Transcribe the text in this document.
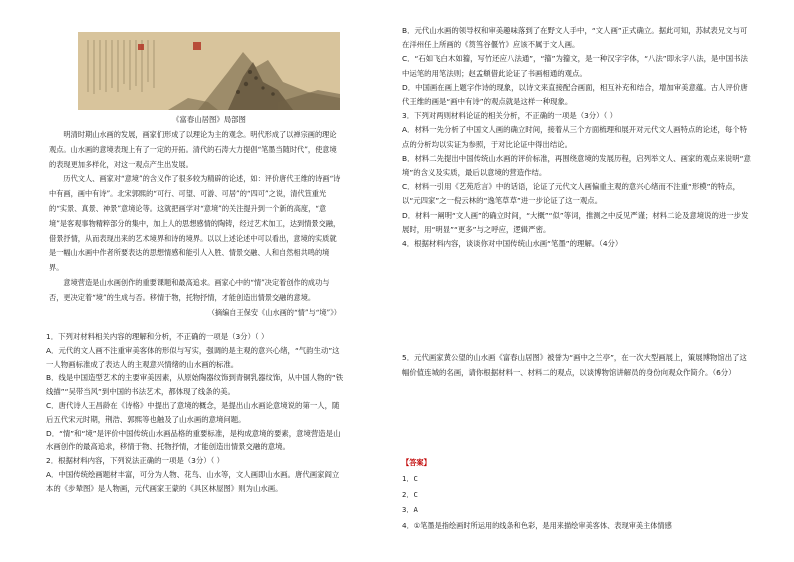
《富春山居图》局部图

明清时期山水画的发展，画家们形成了以理论为主的观念。明代形成了以禅宗画的理论观点。山水画的意境表现上有了一定的开拓。清代的石涛大力提倡“笔墨当随时代”，使意境的表现更加多样化，对这一观点产生出发展。

历代文人、画家对“意境”的含义作了很多较为精辟的论述，如：评价唐代王维的诗画“诗中有画，画中有诗”。北宋郭熙的“可行、可望、可游、可居”的“四可”之说，清代笪重光的“实景、真景、神景”意境论等。这就把画学对“意境”的关注提升到一个新的高度，“意境”是客观事物精粹部分的集中，加上人的思想感情的陶铸，经过艺术加工，达到情景交融，借景抒情，从而表现出来的艺术境界和诗的境界。以以上述论述中可以看出，意境的实质就是一幅山水画中作者所要表达的思想情感和能引人入胜、情景交融、人和自然相共鸣的境界。

意境营造是山水画创作的重要课题和最高追求。画家心中的“情”决定着创作的成功与否，更决定着“境”的生成与否。移情于物，托物抒情，才能创造出情景交融的意境。

（摘编自王保安《山水画的“情”与“境”》）

1．下列对材料相关内容的理解和分析，不正确的一项是（3分）（ ）

A．元代的文人画不注重审美客体的形似与写实，强调的是主观的意兴心绪，“气韵生动”这一人物画标准成了表达人的主观意兴情绪的山水画的标准。

B．线是中国造型艺术的主要审美因素，从原始陶器纹饰到青铜乳器纹饰，从中国人物的“铁线描”“吴带当风”到中国的书法艺术，都体现了线条的美。

C．唐代诗人王昌龄在《诗格》中提出了意境的概念，是提出山水画论意境说的第一人，随后五代宋元时期，荆浩、郭熙等也触及了山水画的意境问题。

D．“情”和“境”是评价中国传统山水画品格的重要标准，是构成意境的要素，意境营造是山水画创作的最高追求，移情于物、托物抒情，才能创造出情景交融的意境。

2．根据材料内容，下列说法正确的一项是（3分）（ ）

A．中国传统绘画题材丰富，可分为人物、花鸟、山水等，文人画即山水画。唐代画家阎立本的《步辇图》是人物画，元代画家王蒙的《具区林屋图》则为山水画。

B．元代山水画的领导权和审美趣味落到了在野文人手中，“文人画”正式确立。据此可知，苏轼表兄文与可在洋州任上所画的《筼筜谷偃竹》应该不属于文人画。

C．“石如飞白木如籀，写竹还应八法通”，“籀”为籀文，是一种汉字字体，“八法”即永字八法，是中国书法中运笔的用笔法则；赵孟頫借此论证了书画相通的观点。

D．中国画在画上题字作诗的现象，以诗文来直接配合画面，相互补充和结合，增加审美意蕴。古人评价唐代王维的画是“画中有诗”的观点就是这样一种现象。

3．下列对两则材料论证的相关分析，不正确的一项是（3分）（ ）

A．材料一先分析了中国文人画的确立时间，接着从三个方面梳理和展开对元代文人画特点的论述，每个特点的分析均以实证为参照，于对比论证中得出结论。

B．材料二先提出中国传统山水画的评价标准，再围绕意境的发展历程，启列举文人、画家的观点来说明“意境”的含义及实质，最后以意境的营造作结。

C．材料一引用《艺苑卮言》中的话语，论证了元代文人画偏重主观的意兴心绪而不注重“形模”的特点，以“元四家”之一倪云林的“逸笔草草”进一步论证了这一观点。

D．材料一阐明“文人画”的确立时间，“大概”“似”等词，推测之中反见严谨；材料二论及意境说的进一步发展时，用“明显”“更多”与之呼应，逻辑严密。

4．根据材料内容，谈谈你对中国传统山水画“笔墨”的理解。（4分）

5．元代画家黄公望的山水画《富春山居图》被誉为“画中之兰亭”，在一次大型画展上，策展博物馆出了这幅价值连城的名画，请你根据材料一、材料二的观点，以谈博物馆讲解员的身份向观众作简介。（6分）

【答案】

1．C

2．C

3．A

4．①笔墨是指绘画时所运用的线条和色彩，是用来描绘审美客体、表现审美主体情感
